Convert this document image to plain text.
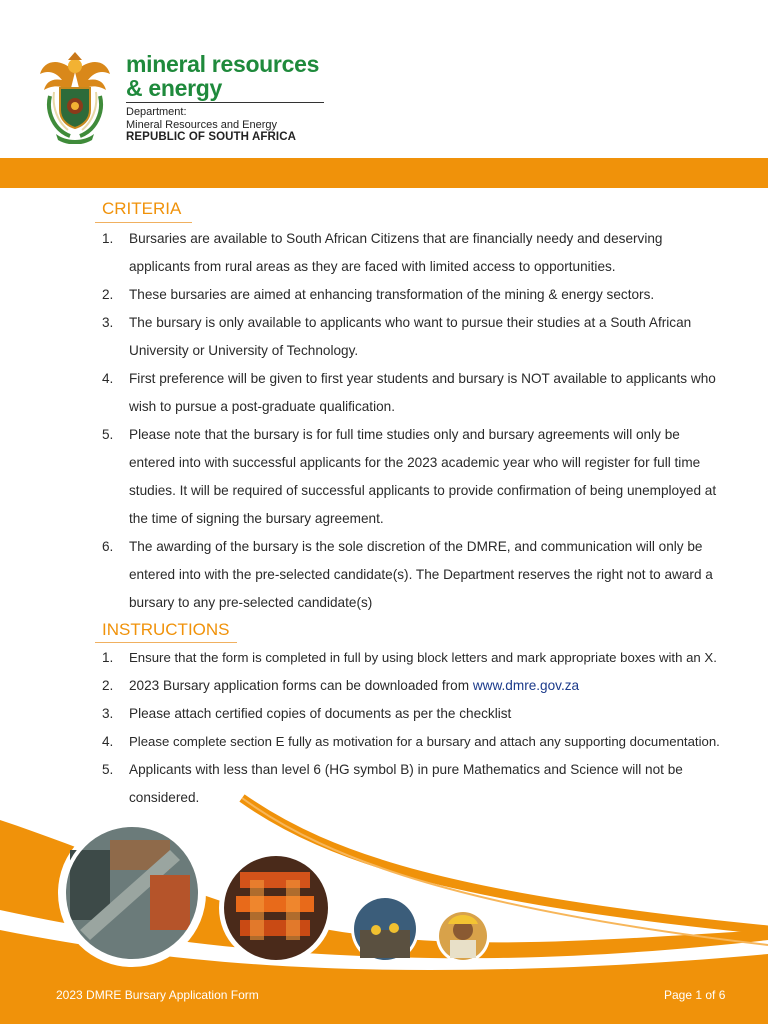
mineral resources
& energy
Department:
Mineral Resources and Energy
REPUBLIC OF SOUTH AFRICA
CRITERIA
1. Bursaries are available to South African Citizens that are financially needy and deserving
applicants from rural areas as they are faced with limited access to opportunities.
2. These bursaries are aimed at enhancing transformation of the mining & energy sectors.
3. The bursary is only available to applicants who want to pursue their studies at a South African
University or University of Technology.
4. First preference will be given to first year students and bursary is NOT available to applicants who
wish to pursue a post-graduate qualification.
5. Please note that the bursary is for full time studies only and bursary agreements will only be
entered into with successful applicants for the 2023 academic year who will register for full time
studies. It will be required of successful applicants to provide confirmation of being unemployed at
the time of signing the bursary agreement.
6. The awarding of the bursary is the sole discretion of the DMRE, and communication will only be
entered into with the pre-selected candidate(s). The Department reserves the right not to award a
bursary to any pre-selected candidate(s)
INSTRUCTIONS
1. Ensure that the form is completed in full by using block letters and mark appropriate boxes with an X.
2. 2023 Bursary application forms can be downloaded from www.dmre.gov.za
3. Please attach certified copies of documents as per the checklist
4. Please complete section E fully as motivation for a bursary and attach any supporting documentation.
5. Applicants with less than level 6 (HG symbol B) in pure Mathematics and Science will not be
considered.
2023 DMRE Bursary Application Form	Page 1 of 6
